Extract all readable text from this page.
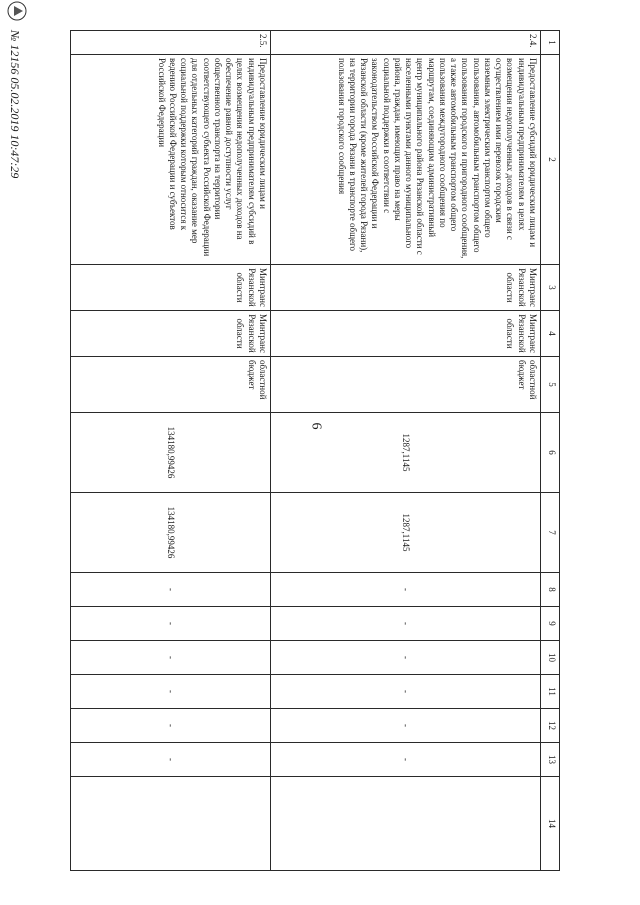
6
1	2	3	4	5	6	7	8	9	10	11	12	13	14
2.4.	Предоставление субсидий юридическим лицам и индивидуальным предпринимателям в целях возмещения недополученных доходов в связи с осуществлением ими перевозок городским наземным электрическим транспортом общего пользования, автомобильным транспортом общего пользования городского и пригородного сообщения, а также автомобильным транспортом общего пользования междугородного сообщения по маршрутам, соединяющим административный центр муниципального района Рязанской области с населенными пунктами данного муниципального района, граждан, имеющих право на меры социальной поддержки в соответствии с законодательством Российской Федерации и Рязанской области (кроме жителей города Рязани), на территории города Рязани в транспорте общего пользования городского сообщения	Минтранс Рязанской области	Минтранс Рязанской области	областной бюджет	1287,1145	1287,1145	-	-	-	-	-	-	
2.5.	Предоставление юридическим лицам и индивидуальным предпринимателям субсидий в целях возмещения недополученных доходов на обеспечение равной доступности услуг общественного транспорта на территории соответствующего субъекта Российской Федерации для отдельных категорий граждан, оказание мер социальной поддержки которым относится к ведению Российской Федерации и субъектов Российской Федерации	Минтранс Рязанской области	Минтранс Рязанской области	областной бюджет	134180,99426	134180,99426	-	-	-	-	-	-	
№ 12156 05.02.2019 10:47:29
